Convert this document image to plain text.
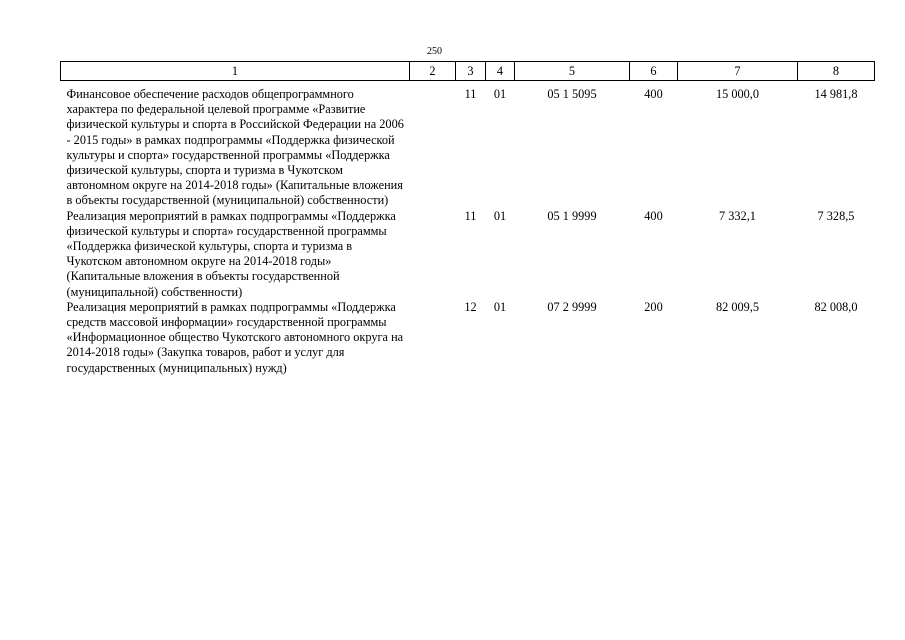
250
1	2	3	4	5	6	7	8
Финансовое обеспечение расходов общепрограммного характера по федеральной целевой программе «Развитие физической культуры и спорта в Российской Федерации на 2006 - 2015 годы» в рамках подпрограммы «Поддержка физической культуры и спорта» государственной программы «Поддержка физической культуры, спорта и туризма в Чукотском автономном округе на 2014-2018 годы» (Капитальные вложения в объекты государственной (муниципальной) собственности)		11	01	05 1 5095	400	15 000,0	14 981,8
Реализация мероприятий в рамках подпрограммы «Поддержка физической культуры и спорта» государственной программы «Поддержка физической культуры, спорта и туризма в Чукотском автономном округе на 2014-2018 годы» (Капитальные вложения в объекты государственной (муниципальной) собственности)		11	01	05 1 9999	400	7 332,1	7 328,5
Реализация мероприятий в рамках подпрограммы «Поддержка средств массовой информации» государственной программы «Информационное общество Чукотского автономного округа на 2014-2018 годы» (Закупка товаров, работ и услуг для государственных (муниципальных) нужд)		12	01	07 2 9999	200	82 009,5	82 008,0
